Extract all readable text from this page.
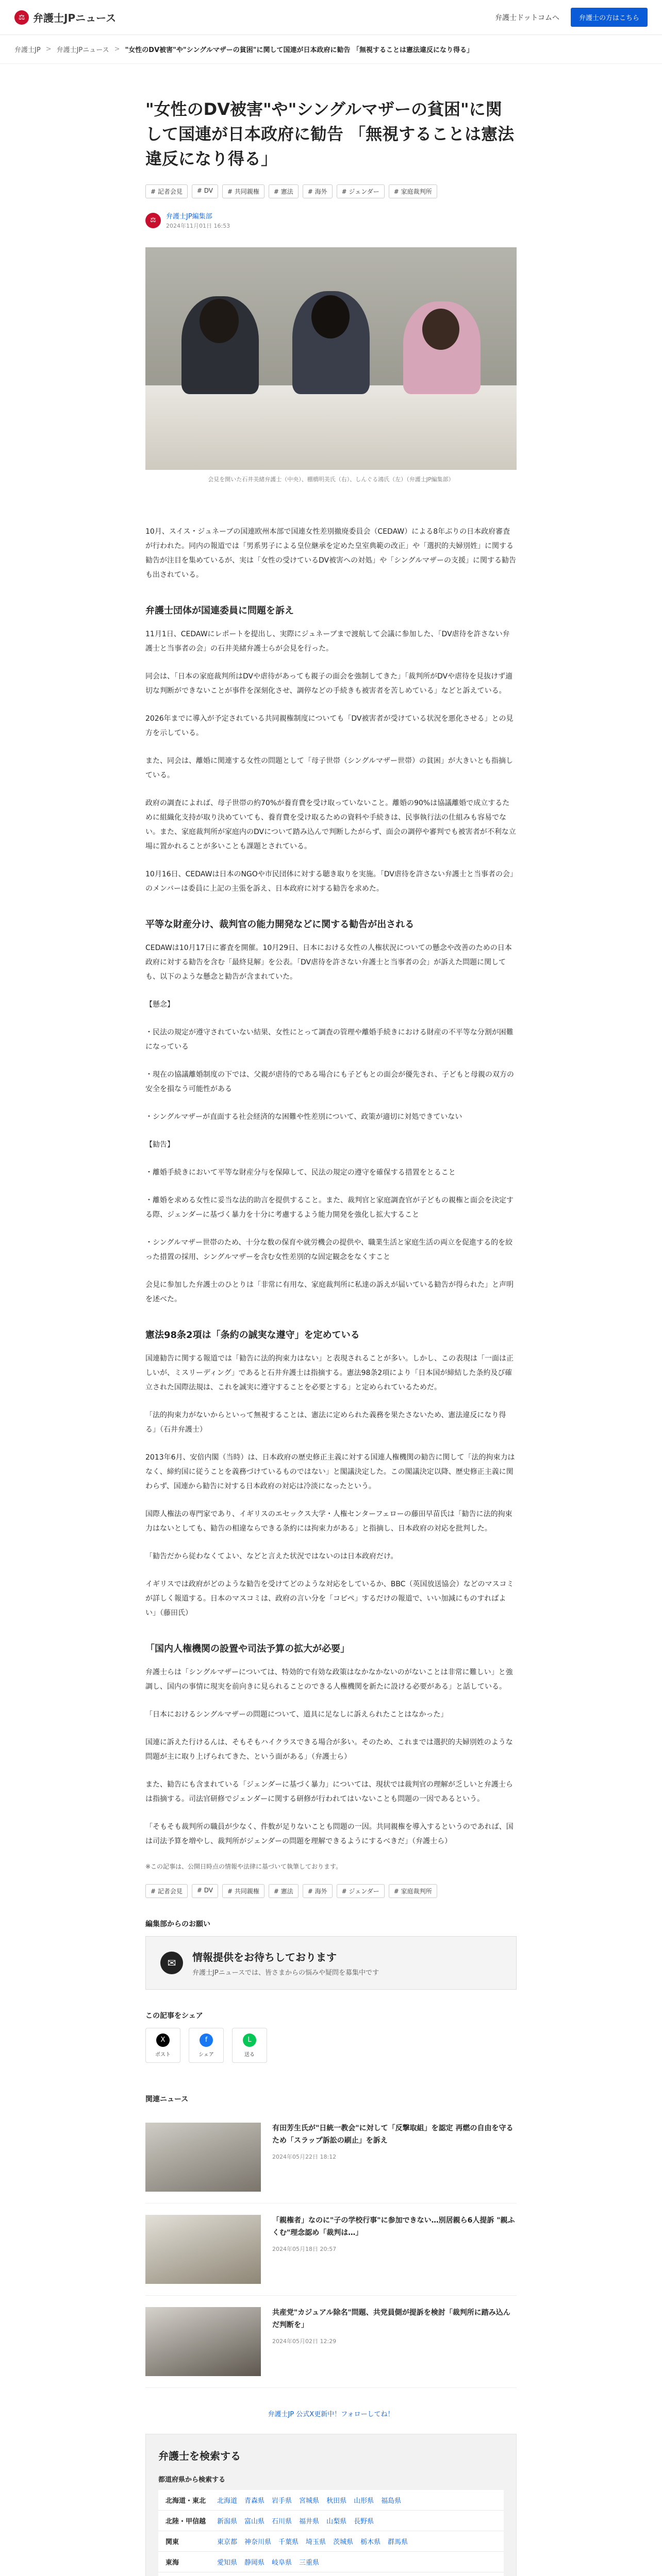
⚖ 弁護士JPニュース	弁護士ドットコムへ	弁護士の方はこちら
弁護士JP > 弁護士JPニュース > "女性のDV被害"や"シングルマザーの貧困"に関して国連が日本政府に勧告 「無視することは憲法違反になり得る」
"女性のDV被害"や"シングルマザーの貧困"に関して国連が日本政府に勧告 「無視することは憲法違反になり得る」
# 記者会見	# DV	# 共同親権	# 憲法	# 海外	# ジェンダー	# 家庭裁判所
⚖	弁護士JP編集部
2024年11月01日 16:53
会見を開いた石井美緒弁護士（中央）、棚橋明美氏（右）、しんぐる鴻氏（左）（弁護士JP編集部）

10月、スイス・ジュネーブの国連欧州本部で国連女性差別撤廃委員会（CEDAW）による8年ぶりの日本政府審査が行われた。同内の報道では「男系男子による皇位継承を定めた皇室典範の改正」や「選択的夫婦別姓」に関する勧告が注目を集めているが、実は「女性の受けているDV被害への対処」や「シングルマザーの支援」に関する勧告も出されている。

弁護士団体が国連委員に問題を訴え

11月1日、CEDAWにレポートを提出し、実際にジュネーブまで渡航して会議に参加した、「DV虐待を許さない弁護士と当事者の会」の石井美緒弁護士らが会見を行った。

同会は、「日本の家庭裁判所はDVや虐待があっても親子の面会を強制してきた」「裁判所がDVや虐待を見抜けず適切な判断ができないことが事件を深刻化させ、調停などの手続きも被害者を苦しめている」などと訴えている。

2026年までに導入が予定されている共同親権制度についても「DV被害者が受けている状況を悪化させる」との見方を示している。

また、同会は、離婚に関連する女性の問題として「母子世帯（シングルマザー世帯）の貧困」が大きいとも指摘している。

政府の調査によれば、母子世帯の約70%が養育費を受け取っていないこと。離婚の90%は協議離婚で成立するために組織化支持が取り決めていても、養育費を受け取るための資料や手続きは、民事執行法の仕組みも容易でない。また、家庭裁判所が家庭内のDVについて踏み込んで判断したがらず、面会の調停や審判でも被害者が不利な立場に置かれることが多いことも課題とされている。

10月16日、CEDAWは日本のNGOや市民団体に対する聴き取りを実施。「DV虐待を許さない弁護士と当事者の会」のメンバーは委員に上記の主張を訴え、日本政府に対する勧告を求めた。

平等な財産分け、裁判官の能力開発などに関する勧告が出される

CEDAWは10月17日に審査を開催。10月29日、日本における女性の人権状況についての懸念や改善のための日本政府に対する勧告を含む「最終見解」を公表。「DV虐待を許さない弁護士と当事者の会」が訴えた問題に関しても、以下のような懸念と勧告が含まれていた。

【懸念】

・民法の規定が遵守されていない結果、女性にとって調査の管理や離婚手続きにおける財産の不平等な分割が困難になっている

・現在の協議離婚制度の下では、父親が虐待的である場合にも子どもとの面会が優先され、子どもと母親の双方の安全を損なう可能性がある

・シングルマザーが直面する社会経済的な困難や性差別について、政策が適切に対処できていない

【勧告】

・離婚手続きにおいて平等な財産分与を保障して、民法の規定の遵守を確保する措置をとること

・離婚を求める女性に妥当な法的助言を提供すること。また、裁判官と家庭調査官が子どもの親権と面会を決定する際、ジェンダーに基づく暴力を十分に考慮するよう能力開発を強化し拡大すること

・シングルマザー世帯のため、十分な数の保育や就労機会の提供や、職業生活と家庭生活の両立を促進する的を絞った措置の採用、シングルマザーを含む女性差別的な固定観念をなくすこと

会見に参加した弁護士のひとりは「非常に有用な、家庭裁判所に私達の訴えが届いている勧告が得られた」と声明を述べた。

憲法98条2項は「条約の誠実な遵守」を定めている

国連勧告に関する報道では「勧告に法的拘束力はない」と表現されることが多い。しかし、この表現は「一面は正しいが、ミスリーディング」であると石井弁護士は指摘する。憲法98条2項により「日本国が締結した条約及び確立された国際法規は、これを誠実に遵守することを必要とする」と定められているためだ。

「法的拘束力がないからといって無視することは、憲法に定められた義務を果たさないため、憲法違反になり得る」（石井弁護士）

2013年6月、安倍内閣（当時）は、日本政府の歴史修正主義に対する国連人権機関の勧告に関して「法的拘束力はなく、締約国に従うことを義務づけているものではない」と閣議決定した。この閣議決定以降、歴史修正主義に関わらず、国連から勧告に対する日本政府の対応は冷淡になったという。

国際人権法の専門家であり、イギリスのエセックス大学・人権センターフェローの藤田早苗氏は「勧告に法的拘束力はないとしても、勧告の相違ならできる条約には拘束力がある」と指摘し、日本政府の対応を批判した。

「勧告だから従わなくてよい、などと言えた状況ではないのは日本政府だけ。

イギリスでは政府がどのような勧告を受けてどのような対応をしているか、BBC（英国放送協会）などのマスコミが詳しく報道する。日本のマスコミは、政府の言い分を「コピペ」するだけの報道で、いい加減にものすればよい」（藤田氏）

「国内人権機関の設置や司法予算の拡大が必要」

弁護士らは「シングルマザーについては、特効的で有効な政策はなかなかないのがないことは非常に難しい」と強調し、国内の事情に現実を前向きに見られることのできる人権機関を新たに設ける必要がある」と話している。

「日本におけるシングルマザーの問題について、道具に足なしに訴えられたことはなかった」

国連に訴えた行けるんは、そもそもハイクラスできる場合が多い。そのため、これまでは選択的夫婦別姓のような問題が主に取り上げられてきた、という面がある」（弁護士ら）

また、勧告にも含まれている「ジェンダーに基づく暴力」については、現状では裁判官の理解が乏しいと弁護士らは指摘する。司法官研修でジェンダーに関する研修が行われてはいないことも問題の一因であるという。

「そもそも裁判所の職員が少なく、件数が足りないことも問題の一因。共同親権を導入するというのであれば、国は司法予算を増やし、裁判所がジェンダーの問題を理解できるようにするべきだ」（弁護士ら）

※この記事は、公開日時点の情報や法律に基づいて執筆しております。
# 記者会見	# DV	# 共同親権	# 憲法	# 海外	# ジェンダー	# 家庭裁判所
編集部からのお願い
✉	情報提供をお待ちしております
弁護士JPニュースでは、皆さまからの悩みや疑問を募集中です
この記事をシェア
X
ポスト
f
シェア
L
送る
関連ニュース
有田芳生氏が"日統一教会"に対して「反撃取組」を認定 再燃の自由を守るため「スラップ訴訟の刷止」を訴え
2024年05月22日 18:12
「親権者」なのに"子の学校行事"に参加できない…別居親ら6人提訴 "親ふくむ"理念認め「裁判は…」
2024年05月18日 20:57
共産党"カジュアル除名"問題、共党員側が提訴を検討「裁判所に踏み込んだ判断を」
2024年05月02日 12:29
弁護士JP 公式X更新中！フォローしてね！
弁護士を検索する
都道府県から検索する
北海道・東北	北海道 青森県 岩手県 宮城県 秋田県 山形県 福島県
北陸・甲信越	新潟県 富山県 石川県 福井県 山梨県 長野県
関東	東京都 神奈川県 千葉県 埼玉県 茨城県 栃木県 群馬県
東海	愛知県 静岡県 岐阜県 三重県
